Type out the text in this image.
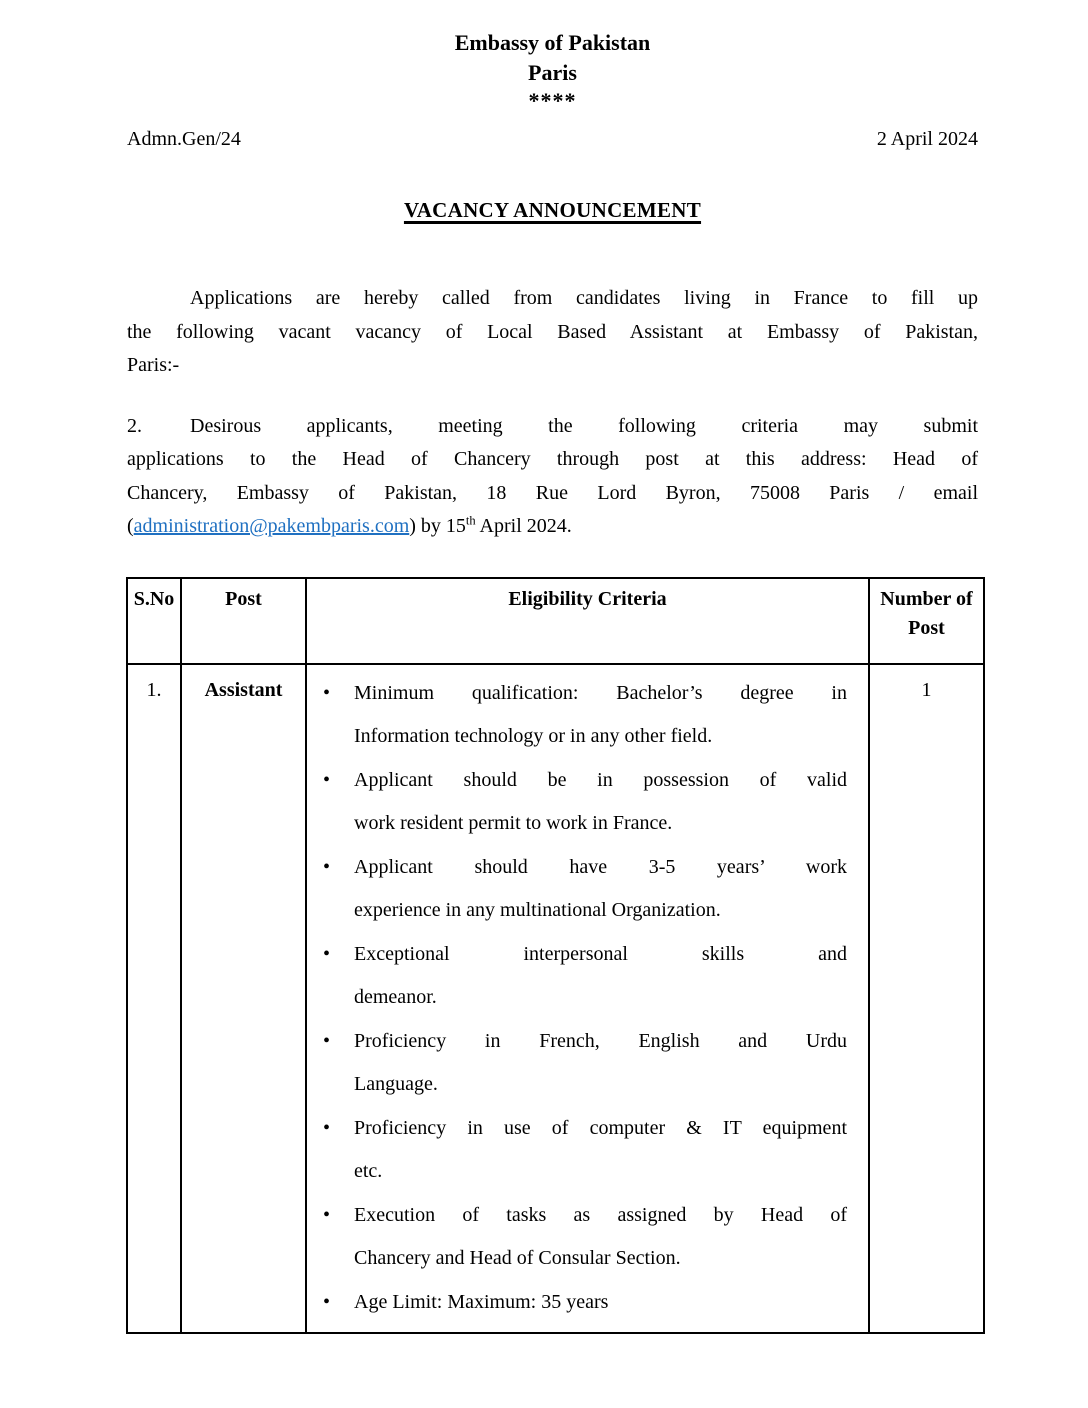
Embassy of Pakistan
Paris
****
Admn.Gen/24	2 April 2024
VACANCY ANNOUNCEMENT
Applications are hereby called from candidates living in France to fill up
the following vacant vacancy of Local Based Assistant at Embassy of Pakistan,
Paris:-
2. Desirous applicants, meeting the following criteria may submit
applications to the Head of Chancery through post at this address: Head of
Chancery, Embassy of Pakistan, 18 Rue Lord Byron, 75008 Paris / email
(administration@pakembparis.com) by 15th April 2024.
S.No	Post	Eligibility Criteria	Number of Post
1.	Assistant	•	Minimum qualification: Bachelor’s degree in
Information technology or in any other field.
•	Applicant should be in possession of valid
work resident permit to work in France.
•	Applicant should have 3-5 years’ work
experience in any multinational Organization.
•	Exceptional interpersonal skills and
demeanor.
•	Proficiency in French, English and Urdu
Language.
•	Proficiency in use of computer & IT equipment
etc.
•	Execution of tasks as assigned by Head of
Chancery and Head of Consular Section.
•	Age Limit: Maximum: 35 years
	1
